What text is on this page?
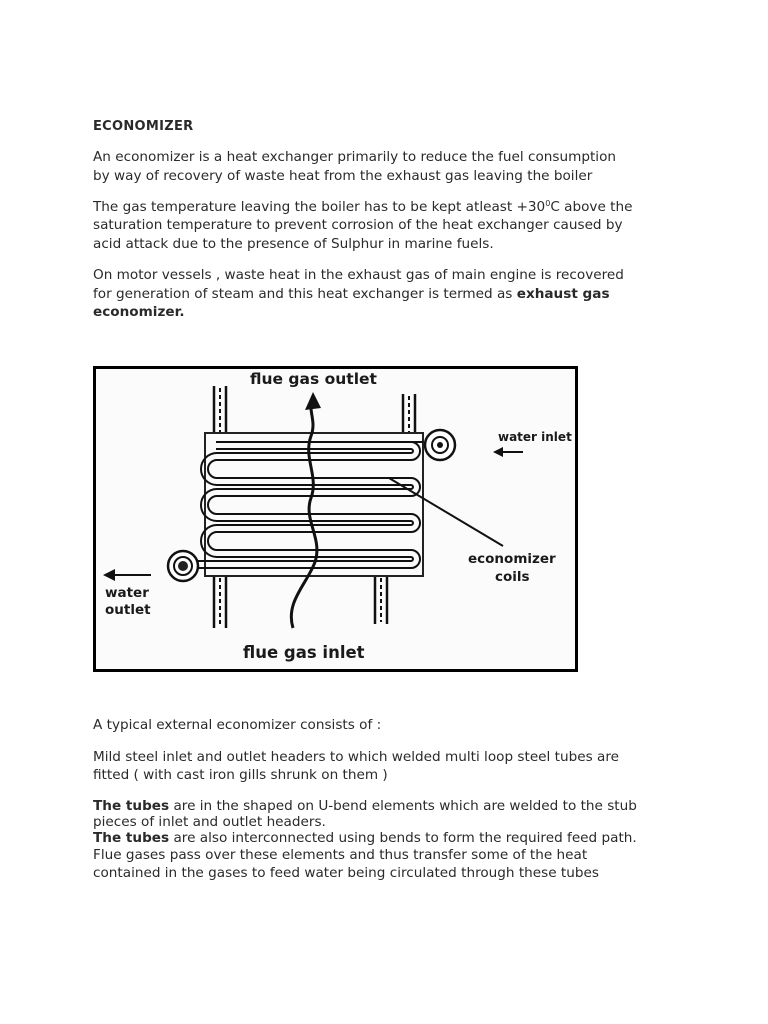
ECONOMIZER

An economizer is a heat exchanger primarily to reduce the fuel consumption

by way of recovery of waste heat from the exhaust gas leaving the boiler

The gas temperature leaving the boiler has to be kept atleast $+30^0C$ above the

saturation temperature to prevent corrosion of the heat exchanger caused by

acid attack due to the presence of Sulphur in marine fuels.

On motor vessels , waste heat in the exhaust gas of main engine is recovered

for generation of steam and this heat exchanger is termed as exhaust gas

economizer.

flue gas outlet
flue gas inlet
water inlet
water
outlet
economizer
coils

A typical external economizer consists of :

Mild steel inlet and outlet headers to which welded multi loop steel tubes are

fitted ( with cast iron gills shrunk on them )

The tubes are in the shaped on U-bend elements which are welded to the stub

pieces of inlet and outlet headers.

The tubes are also interconnected using bends to form the required feed path.

Flue gases pass over these elements and thus transfer some of the heat

contained in the gases to feed water being circulated through these tubes
